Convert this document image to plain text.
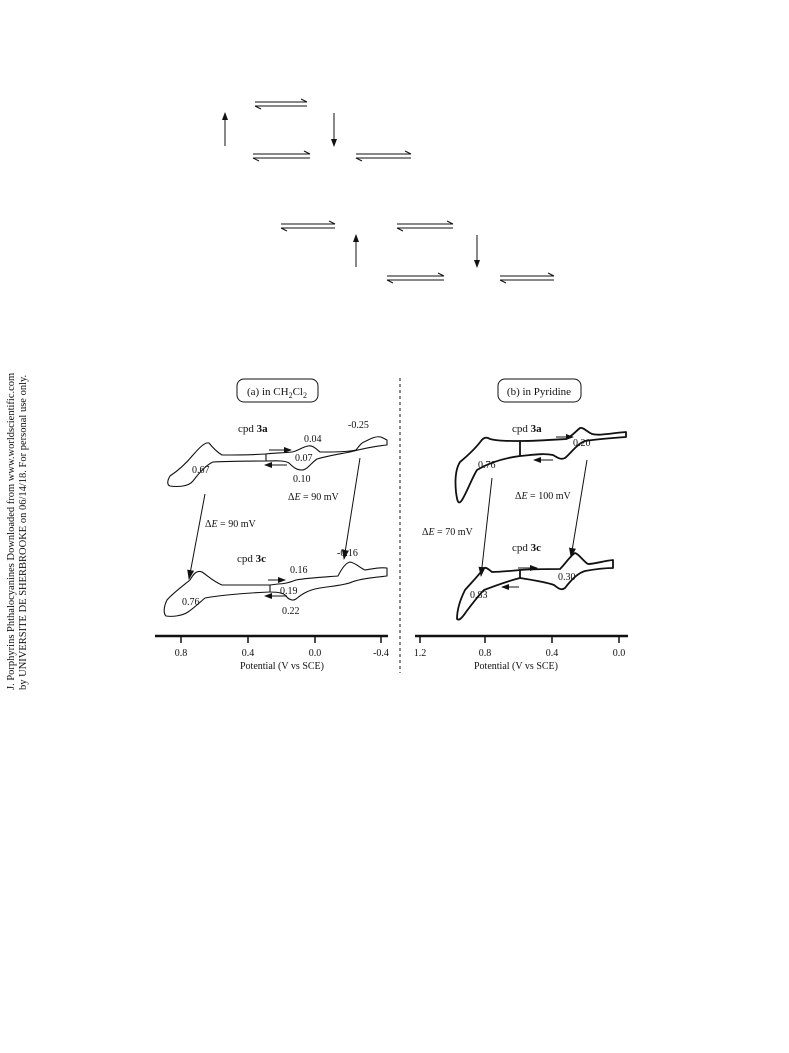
J. Porphyrins Phthalocyanines Downloaded from www.worldscientific.com by UNIVERSITE DE SHERBROOKE on 06/14/18. For personal use only.	(a) in $CH_2Cl_2$
cpd 3a
0.67
0.04
0.07
0.10
-0.25
ΔE = 90 mV
ΔE = 90 mV
cpd 3c
0.76
0.16
0.19
0.22
-0.16
0.8	0.4	0.0	-0.4
Potential (V vs SCE)
(b) in Pyridine
cpd 3a
0.76
0.20
ΔE = 100 mV
ΔE = 70 mV
cpd 3c
0.83
0.30
1.2	0.8	0.4	0.0
Potential (V vs SCE)
